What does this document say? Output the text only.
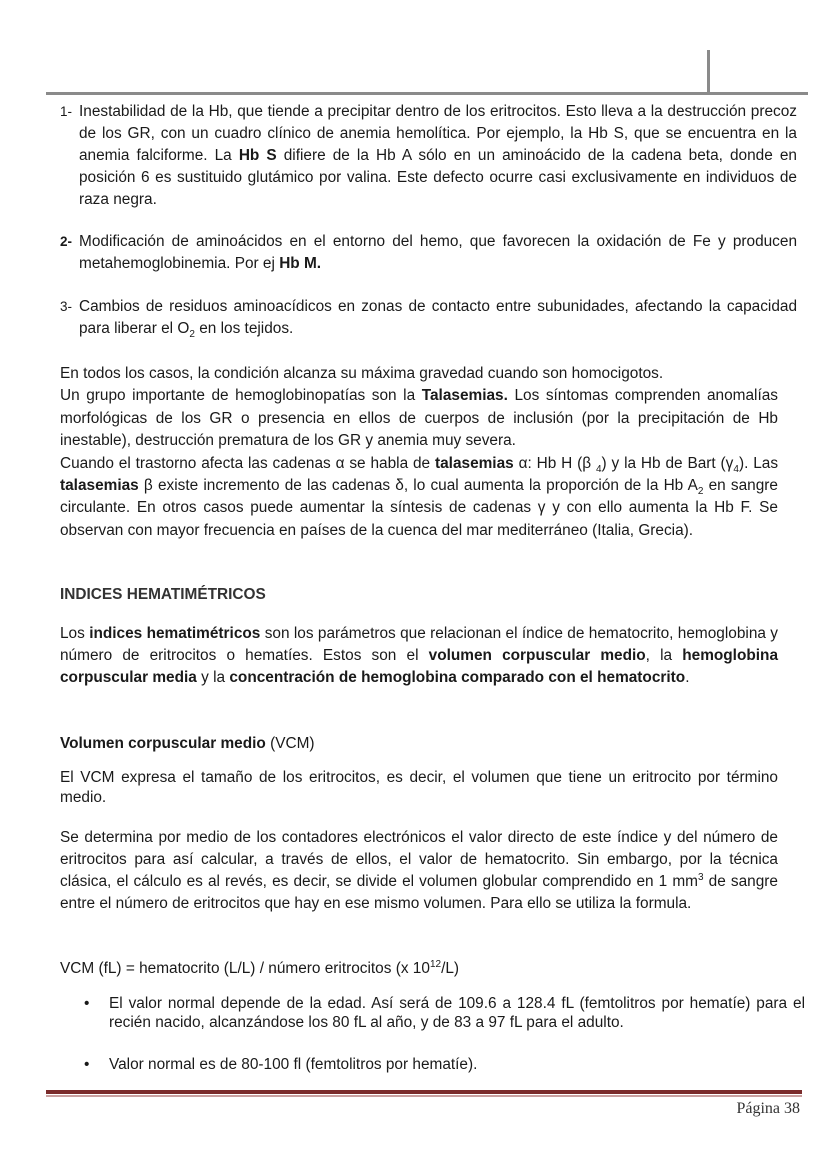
1- Inestabilidad de la Hb, que tiende a precipitar dentro de los eritrocitos. Esto lleva a la destrucción precoz de los GR, con un cuadro clínico de anemia hemolítica. Por ejemplo, la Hb S, que se encuentra en la anemia falciforme. La Hb S difiere de la Hb A sólo en un aminoácido de la cadena beta, donde en posición 6 es sustituido glutámico por valina. Este defecto ocurre casi exclusivamente en individuos de raza negra.
2- Modificación de aminoácidos en el entorno del hemo, que favorecen la oxidación de Fe y producen metahemoglobinemia. Por ej Hb M.
3- Cambios de residuos aminoacídicos en zonas de contacto entre subunidades, afectando la capacidad para liberar el $O_2$ en los tejidos.
En todos los casos, la condición alcanza su máxima gravedad cuando son homocigotos.
Un grupo importante de hemoglobinopatías son la Talasemias. Los síntomas comprenden anomalías morfológicas de los GR o presencia en ellos de cuerpos de inclusión (por la precipitación de Hb inestable), destrucción prematura de los GR y anemia muy severa.
Cuando el trastorno afecta las cadenas α se habla de talasemias α: Hb H (β $_4$) y la Hb de Bart $(\gamma_4)$. Las talasemias β existe incremento de las cadenas δ, lo cual aumenta la proporción de la Hb $A_2$ en sangre circulante. En otros casos puede aumentar la síntesis de cadenas γ y con ello aumenta la Hb F. Se observan con mayor frecuencia en países de la cuenca del mar mediterráneo (Italia, Grecia).
INDICES HEMATIMÉTRICOS
Los indices hematimétricos son los parámetros que relacionan el índice de hematocrito, hemoglobina y número de eritrocitos o hematíes. Estos son el volumen corpuscular medio, la hemoglobina corpuscular media y la concentración de hemoglobina comparado con el hematocrito.
Volumen corpuscular medio (VCM)
El VCM expresa el tamaño de los eritrocitos, es decir, el volumen que tiene un eritrocito por término medio.
Se determina por medio de los contadores electrónicos el valor directo de este índice y del número de eritrocitos para así calcular, a través de ellos, el valor de hematocrito. Sin embargo, por la técnica clásica, el cálculo es al revés, es decir, se divide el volumen globular comprendido en 1 $mm^3$ de sangre entre el número de eritrocitos que hay en ese mismo volumen. Para ello se utiliza la formula.
VCM (fL) = hematocrito (L/L) / número eritrocitos (x $10^{12}/L$)
• El valor normal depende de la edad. Así será de 109.6 a 128.4 fL (femtolitros por hematíe) para el recién nacido, alcanzándose los 80 fL al año, y de 83 a 97 fL para el adulto.
• Valor normal es de 80-100 fl (femtolitros por hematíe).
Página 38
